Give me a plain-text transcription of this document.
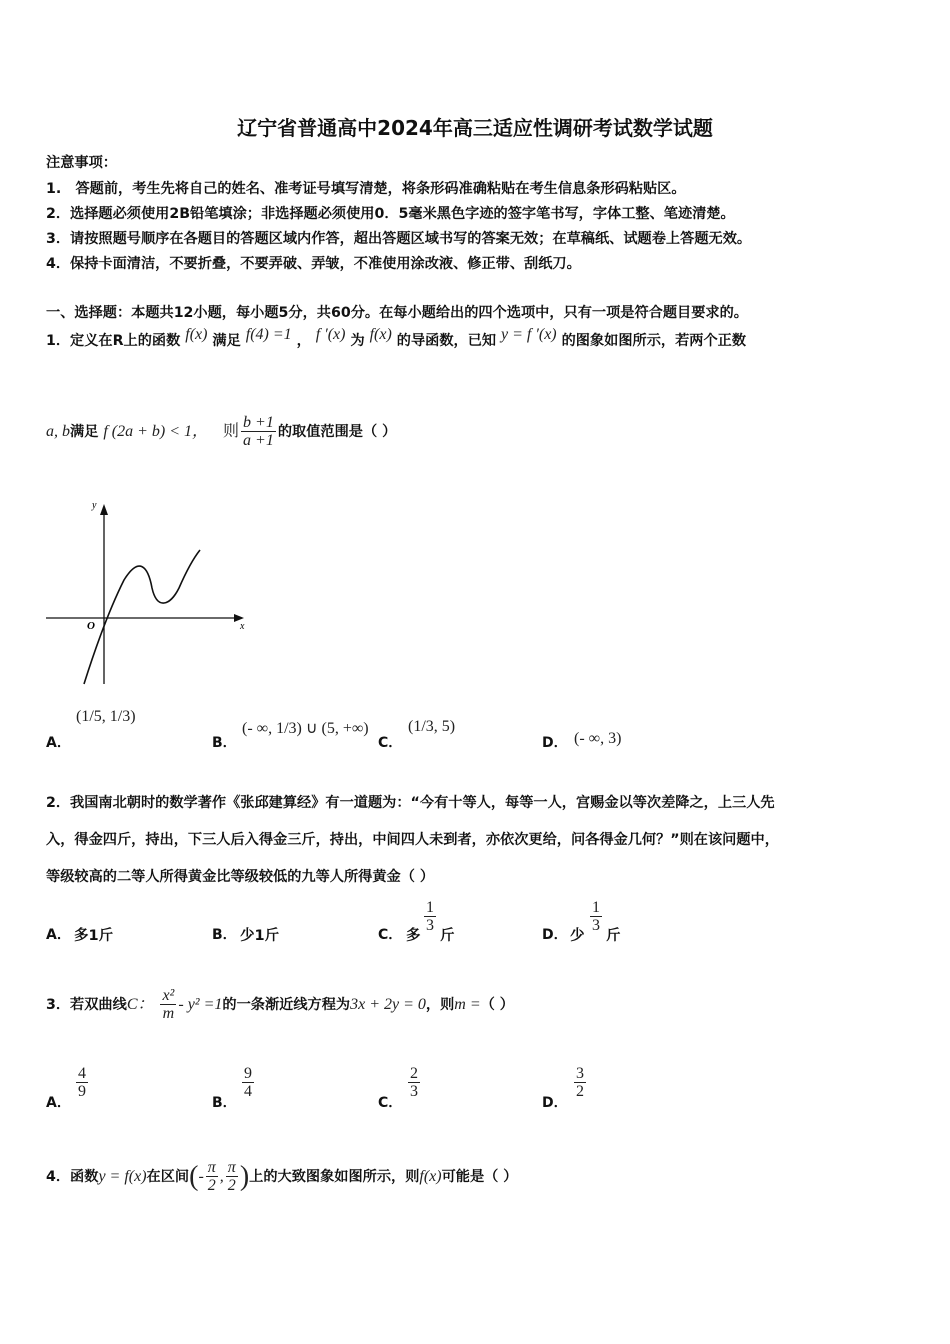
辽宁省普通高中2024年高三适应性调研考试数学试题
注意事项：
1.　答题前，考生先将自己的姓名、准考证号填写清楚，将条形码准确粘贴在考生信息条形码粘贴区。
2．选择题必须使用2B铅笔填涂；非选择题必须使用0．5毫米黑色字迹的签字笔书写，字体工整、笔迹清楚。
3．请按照题号顺序在各题目的答题区域内作答，超出答题区域书写的答案无效；在草稿纸、试题卷上答题无效。
4．保持卡面清洁，不要折叠，不要弄破、弄皱，不准使用涂改液、修正带、刮纸刀。
一、选择题：本题共12小题，每小题5分，共60分。在每小题给出的四个选项中，只有一项是符合题目要求的。
1．定义在R上的函数 f(x) 满足 f(4) =1 ， f ′(x) 为 f(x) 的导函数，已知 y = f ′(x) 的图象如图所示，若两个正数
a, b满足 f (2a + b) < 1， 则 $\frac{b +1}{a +1}$ 的取值范围是（ ）
y
x
O
A．
(1/5, 1/3)
B．
(- ∞, 1/3) ∪ (5, +∞)
C．
(1/3, 5)
D． (- ∞, 3)
2．我国南北朝时的数学著作《张邱建算经》有一道题为：“今有十等人，每等一人，宫赐金以等次差降之，上三人先
入，得金四斤，持出，下三人后入得金三斤，持出，中间四人未到者，亦依次更给，问各得金几何？”则在该问题中，
等级较高的二等人所得黄金比等级较低的九等人所得黄金（ ）
A． 多1斤	B． 少1斤	C． 多
$\frac{1}{3}$
斤	D． 少
$\frac{1}{3}$
斤
3．若双曲线C： $\frac{\text{x²}}{m} - y^2 =1$的一条渐近线方程为3x + 2y = 0，则m =（ ）
A．
$\frac{4}{9}$
B．
$\frac{9}{4}$
C．
$\frac{2}{3}$
D．
$\frac{3}{2}$
4．函数y = f(x)在区间(- $\frac{\pi}{2}$ , $\frac{\pi}{2}$ )上的大致图象如图所示，则f(x)可能是（ ）
